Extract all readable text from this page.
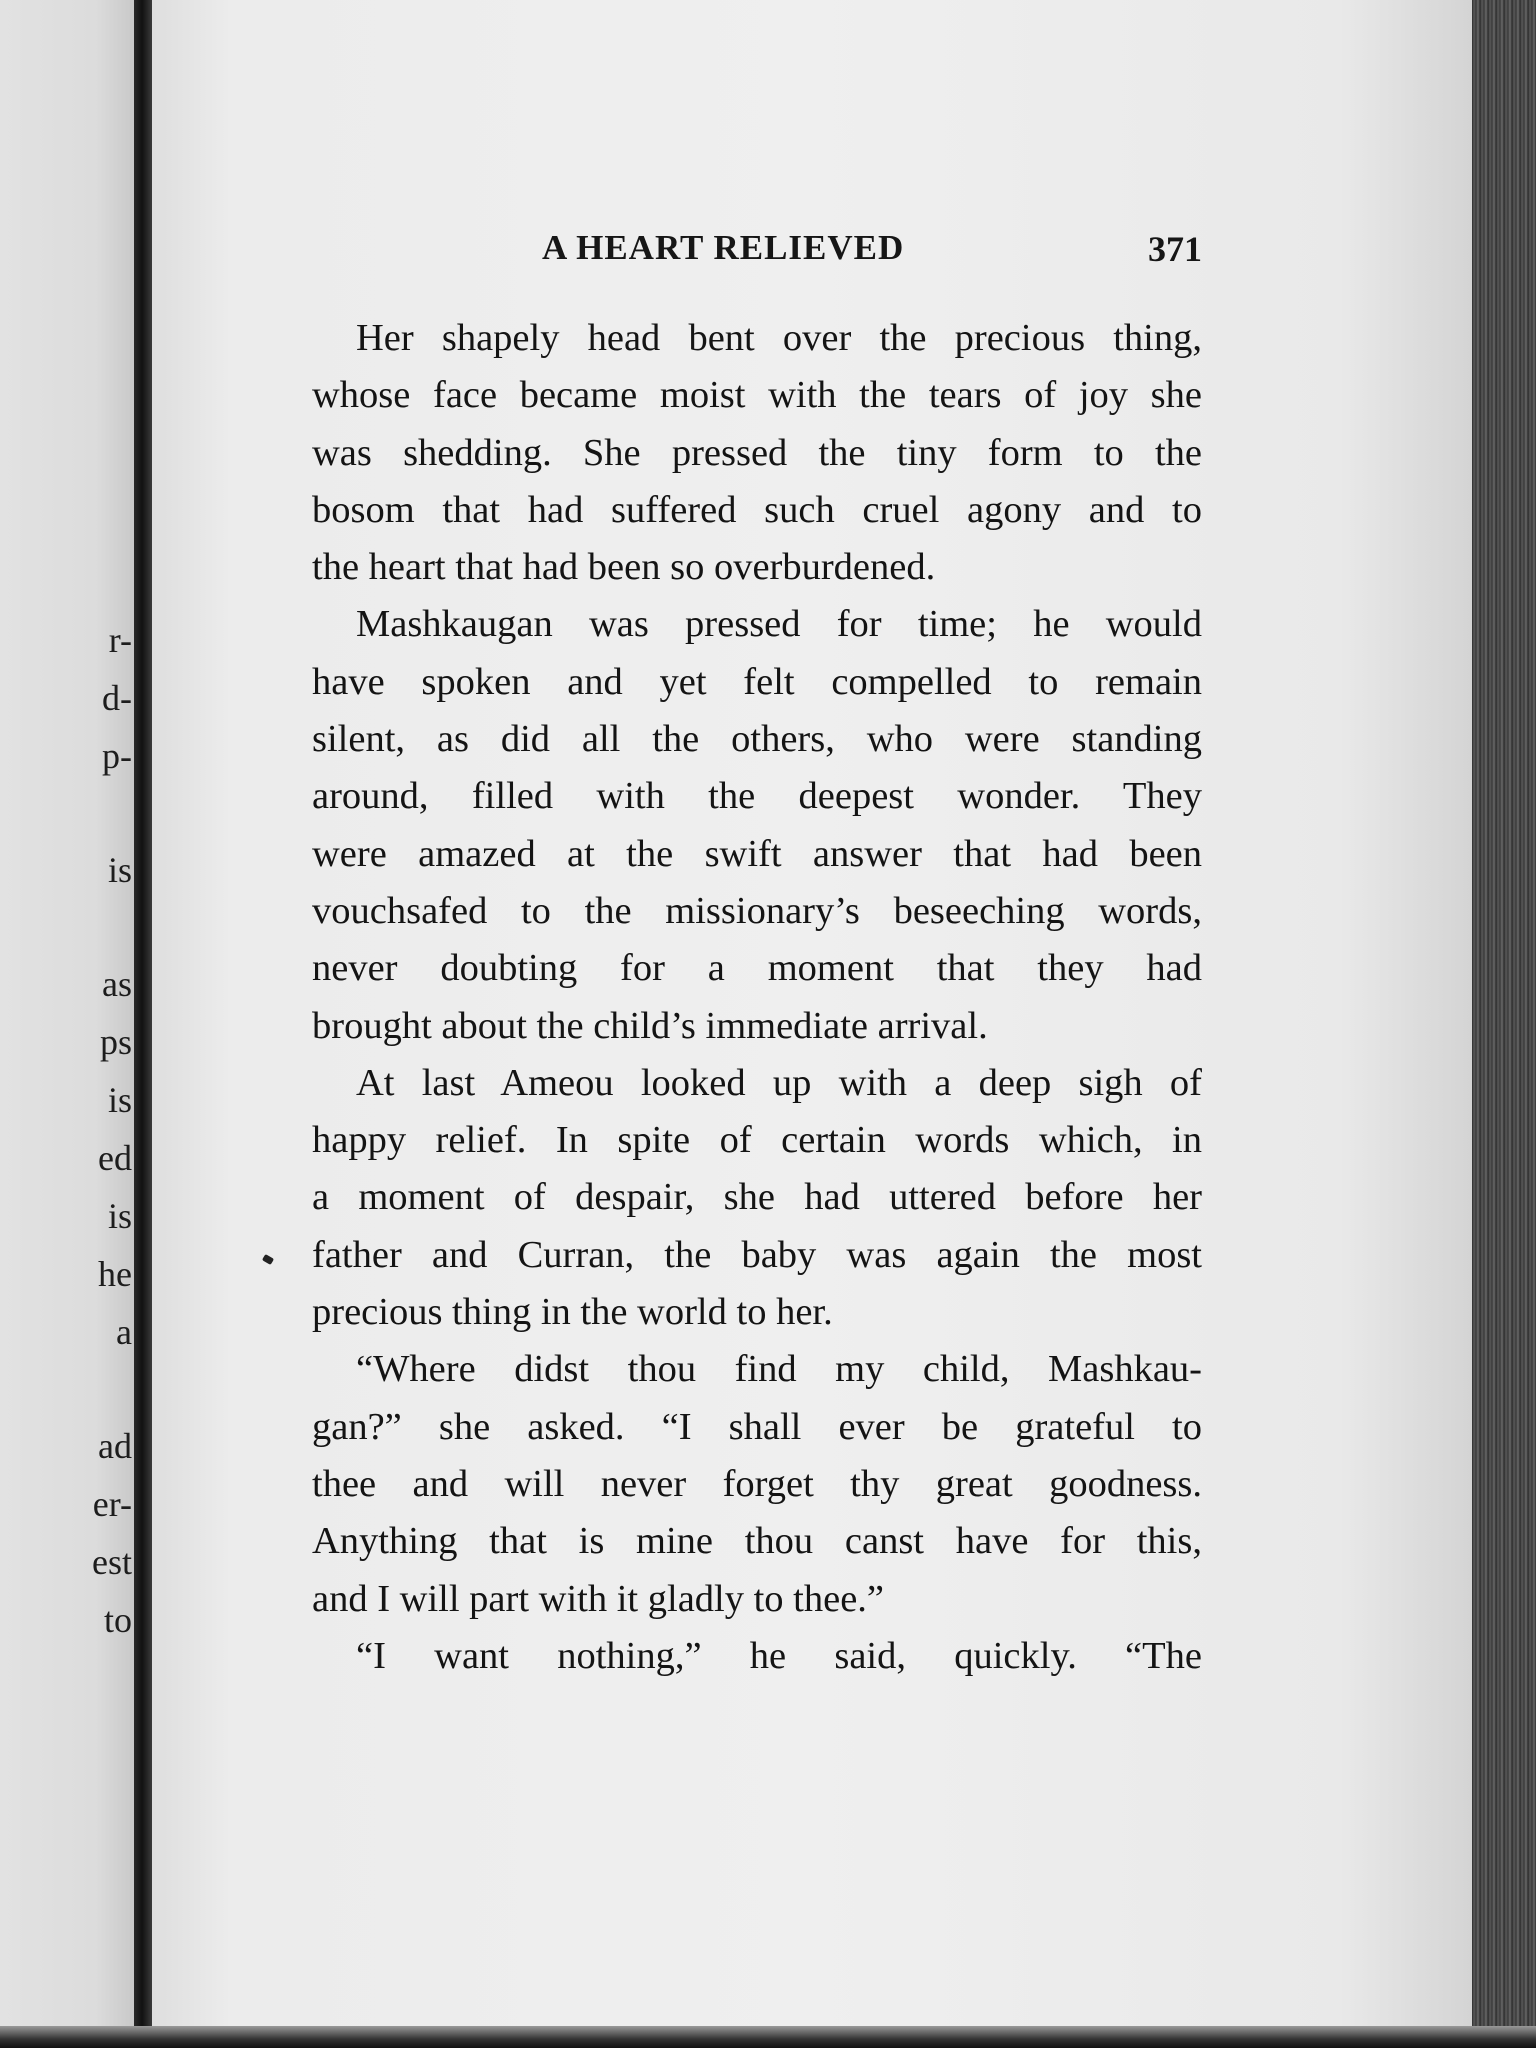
r-
d-
p-
is
as
ps
is
ed
is
he
a
ad
er-
est
to
A HEART RELIEVED	371
Her shapely head bent over the precious thing,
whose face became moist with the tears of joy she
was shedding. She pressed the tiny form to the
bosom that had suffered such cruel agony and to
the heart that had been so overburdened.
Mashkaugan was pressed for time; he would
have spoken and yet felt compelled to remain
silent, as did all the others, who were standing
around, filled with the deepest wonder. They
were amazed at the swift answer that had been
vouchsafed to the missionary’s beseeching words,
never doubting for a moment that they had
brought about the child’s immediate arrival.
At last Ameou looked up with a deep sigh of
happy relief. In spite of certain words which, in
a moment of despair, she had uttered before her
father and Curran, the baby was again the most
precious thing in the world to her.
“Where didst thou find my child, Mashkau-
gan?” she asked. “I shall ever be grateful to
thee and will never forget thy great goodness.
Anything that is mine thou canst have for this,
and I will part with it gladly to thee.”
“I want nothing,” he said, quickly. “The
